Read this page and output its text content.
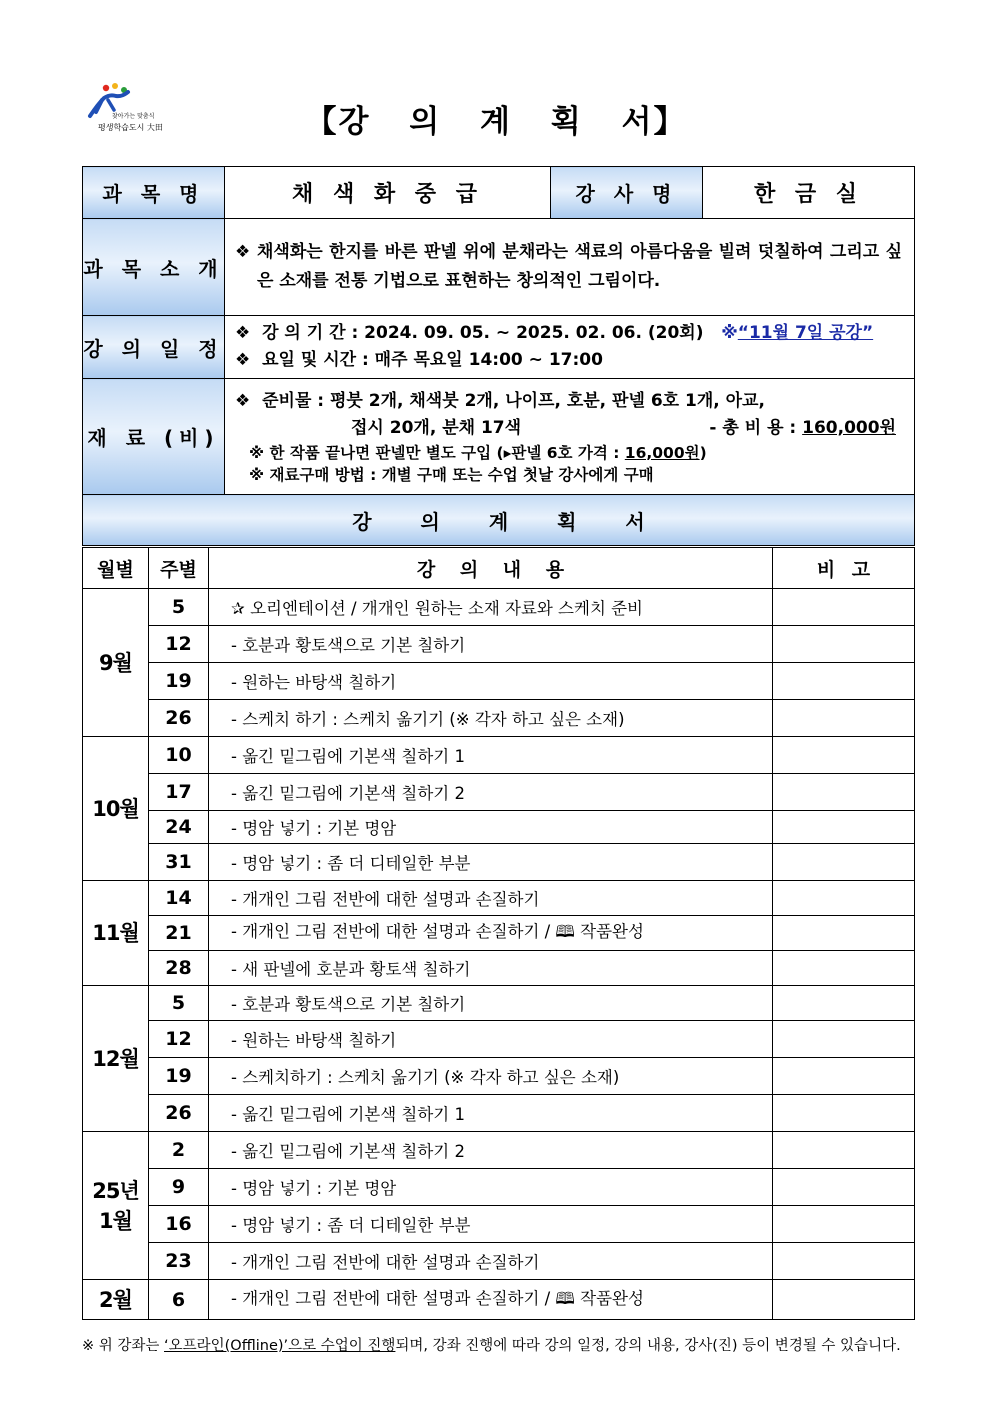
찾아가는 맞춤식
평생학습도시 大田	【강 의 계 획 서】
과 목 명	채 색 화 중 급	강 사 명	한 금 실
과 목 소 개	❖ 채색화는 한지를 바른 판넬 위에 분채라는 색료의 아름다움을 빌려 덧칠하여 그리고 싶은 소재를 전통 기법으로 표현하는 창의적인 그림이다.		

강 의 일 정	❖ 강 의 기 간 : 2024. 09. 05. ~ 2025. 02. 06. (20회) ※“11월 7일 공강”
❖ 요일 및 시간 : 매주 목요일 14:00 ~ 17:00		

재 료 (비)	❖ 준비물 : 평붓 2개, 채색붓 2개, 나이프, 호분, 판넬 6호 1개, 아교,
접시 20개, 분채 17색 - 총 비 용 : 160,000원
※ 한 작품 끝나면 판넬만 별도 구입 (▸판넬 6호 가격 : 16,000원)
※ 재료구매 방법 : 개별 구매 또는 수업 첫날 강사에게 구매		

강 의 계 획 서			
월별	주별	강 의 내 용	비 고

9월	5	✰ 오리엔테이션 / 개개인 원하는 소재 자료와 스케치 준비	
	12	- 호분과 황토색으로 기본 칠하기	
	19	- 원하는 바탕색 칠하기	
	26	- 스케치 하기 : 스케치 옮기기 (※ 각자 하고 싶은 소재)	

10월	10	- 옮긴 밑그림에 기본색 칠하기 1	
	17	- 옮긴 밑그림에 기본색 칠하기 2	
	24	- 명암 넣기 : 기본 명암	
	31	- 명암 넣기 : 좀 더 디테일한 부분	

11월	14	- 개개인 그림 전반에 대한 설명과 손질하기	
	21	- 개개인 그림 전반에 대한 설명과 손질하기 / 🕮 작품완성	
	28	- 새 판넬에 호분과 황토색 칠하기	

12월	5	- 호분과 황토색으로 기본 칠하기	
	12	- 원하는 바탕색 칠하기	
	19	- 스케치하기 : 스케치 옮기기 (※ 각자 하고 싶은 소재)	
	26	- 옮긴 밑그림에 기본색 칠하기 1	

25년
1월	2	- 옮긴 밑그림에 기본색 칠하기 2	
	9	- 명암 넣기 : 기본 명암	
	16	- 명암 넣기 : 좀 더 디테일한 부분	
	23	- 개개인 그림 전반에 대한 설명과 손질하기	

2월	6	- 개개인 그림 전반에 대한 설명과 손질하기 / 🕮 작품완성	
※ 위 강좌는 ‘오프라인(Offline)’으로 수업이 진행되며, 강좌 진행에 따라 강의 일정, 강의 내용, 강사(진) 등이 변경될 수 있습니다.
